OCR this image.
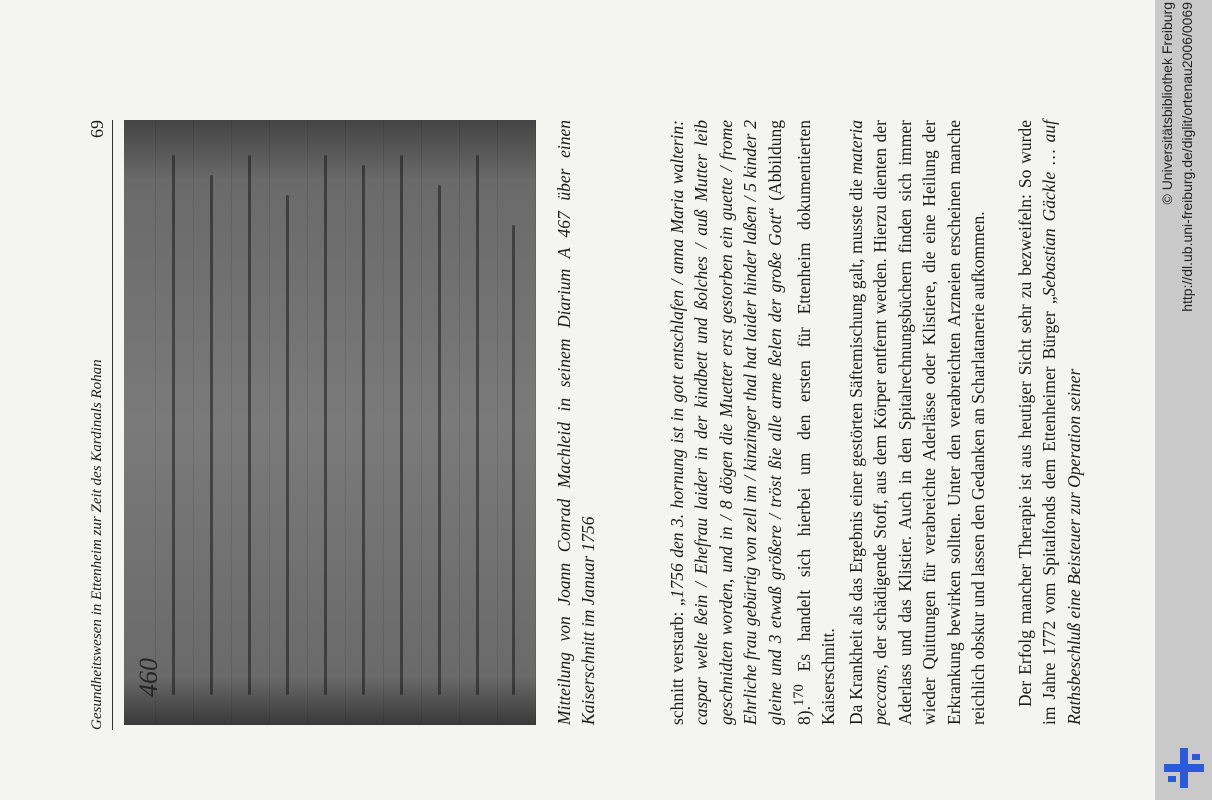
Gesundheitswesen in Ettenheim zur Zeit des Kardinals Rohan
69
460	Mitteilung von Joann Conrad Machleid in seinem Diarium A 467 über einen Kaiserschnitt im Januar 1756	schnitt verstarb: „1756 den 3. hornung ist in gott entschlafen / anna Maria walterin: caspar welte ßein / Ehefrau laider in der kindbett und ßolches / auß Mutter leib geschnidten worden, und in / 8 dögen die Muetter erst gestorben ein guette / frome Ehrliche frau gebürtig von zell im / kinzinger thal hat laider hinder laßen / 5 kinder 2 gleine und 3 etwaß größere / tröst ßie alle arme ßelen der große Gott“ (Abbildung 8).$^{170}$ Es handelt sich hierbei um den ersten für Ettenheim dokumentierten Kaiserschnitt. Da Krankheit als das Ergebnis einer gestörten Säftemischung galt, musste die materia peccans, der schädigende Stoff, aus dem Körper entfernt werden. Hierzu dienten der Aderlass und das Klistier. Auch in den Spitalrechnungsbüchern finden sich immer wieder Quittungen für verabreichte Aderlässe oder Klistiere, die eine Heilung der Erkrankung bewirken sollten. Unter den verabreichten Arzneien erscheinen manche reichlich obskur und lassen den Gedanken an Scharlatanerie aufkommen. Der Erfolg mancher Therapie ist aus heutiger Sicht sehr zu bezweifeln: So wurde im Jahre 1772 vom Spitalfonds dem Ettenheimer Bürger „Sebastian Gäckle … auf Rathsbeschluß eine Beisteuer zur Operation seiner

© Universitätsbibliothek Freiburg http://dl.ub.uni-freiburg.de/diglit/ortenau2006/0069
